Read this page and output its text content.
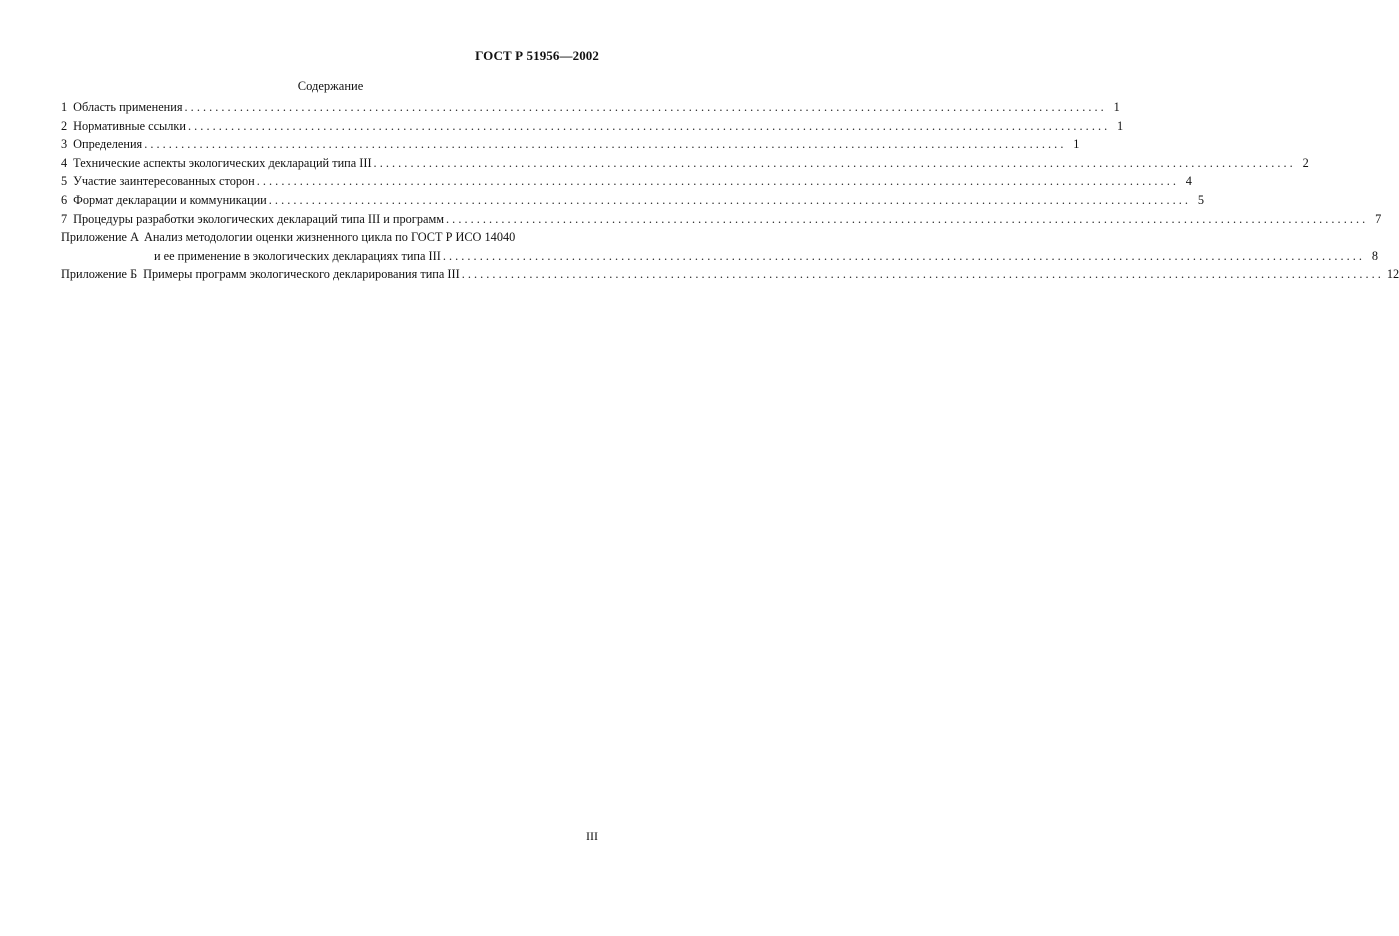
ГОСТ Р 51956—2002
Содержание
1 Область применения . . .	1
2 Нормативные ссылки . . .	1
3 Определения . . .	1
4 Технические аспекты экологических деклараций типа III . . .	2
5 Участие заинтересованных сторон . . .	4
6 Формат декларации и коммуникации . . .	5
7 Процедуры разработки экологических деклараций типа III и программ . . .	7
Приложение А Анализ методологии оценки жизненного цикла по ГОСТ Р ИСО 14040
и ее применение в экологических декларациях типа III . . .	8
Приложение Б Примеры программ экологического декларирования типа III . . .	12
III
